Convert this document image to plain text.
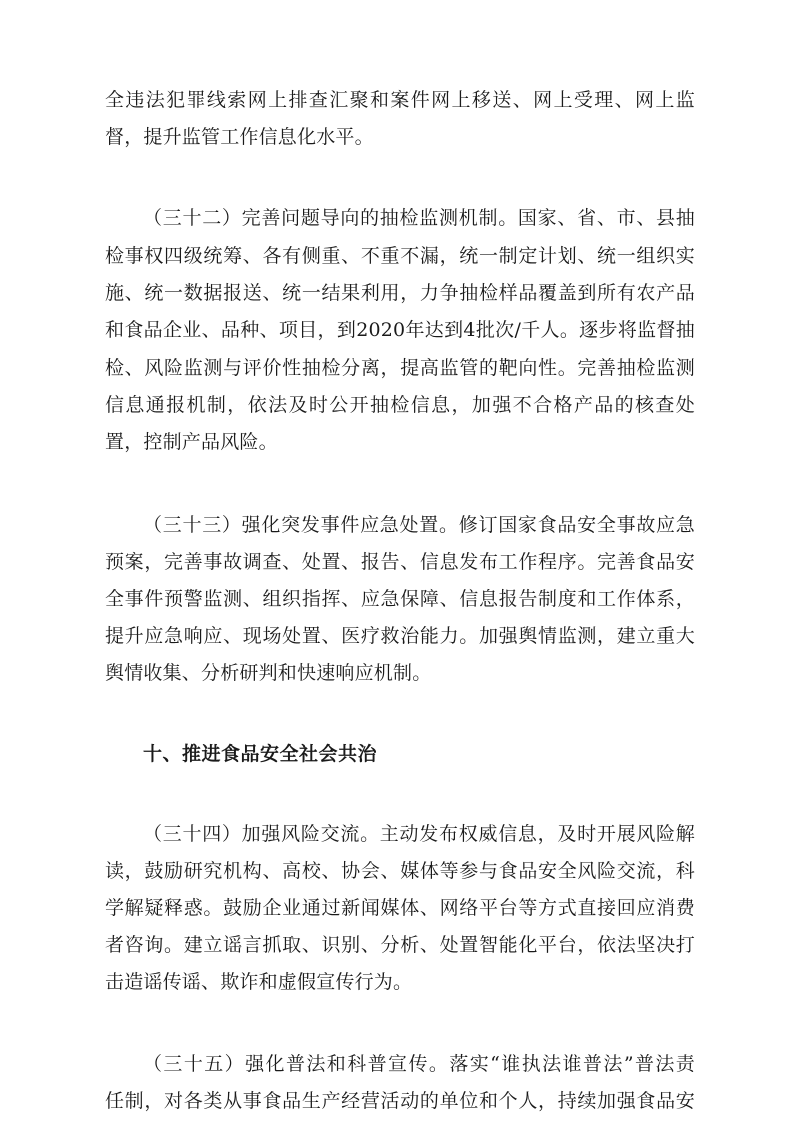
全违法犯罪线索网上排查汇聚和案件网上移送、网上受理、网上监
督，提升监管工作信息化水平。
（三十二）完善问题导向的抽检监测机制。国家、省、市、县抽
检事权四级统筹、各有侧重、不重不漏，统一制定计划、统一组织实
施、统一数据报送、统一结果利用，力争抽检样品覆盖到所有农产品
和食品企业、品种、项目，到2020年达到4批次/千人。逐步将监督抽
检、风险监测与评价性抽检分离，提高监管的靶向性。完善抽检监测
信息通报机制，依法及时公开抽检信息，加强不合格产品的核查处
置，控制产品风险。
（三十三）强化突发事件应急处置。修订国家食品安全事故应急
预案，完善事故调查、处置、报告、信息发布工作程序。完善食品安
全事件预警监测、组织指挥、应急保障、信息报告制度和工作体系，
提升应急响应、现场处置、医疗救治能力。加强舆情监测，建立重大
舆情收集、分析研判和快速响应机制。
十、推进食品安全社会共治
（三十四）加强风险交流。主动发布权威信息，及时开展风险解
读，鼓励研究机构、高校、协会、媒体等参与食品安全风险交流，科
学解疑释惑。鼓励企业通过新闻媒体、网络平台等方式直接回应消费
者咨询。建立谣言抓取、识别、分析、处置智能化平台，依法坚决打
击造谣传谣、欺诈和虚假宣传行为。
（三十五）强化普法和科普宣传。落实“谁执法谁普法”普法责
任制，对各类从事食品生产经营活动的单位和个人，持续加强食品安
